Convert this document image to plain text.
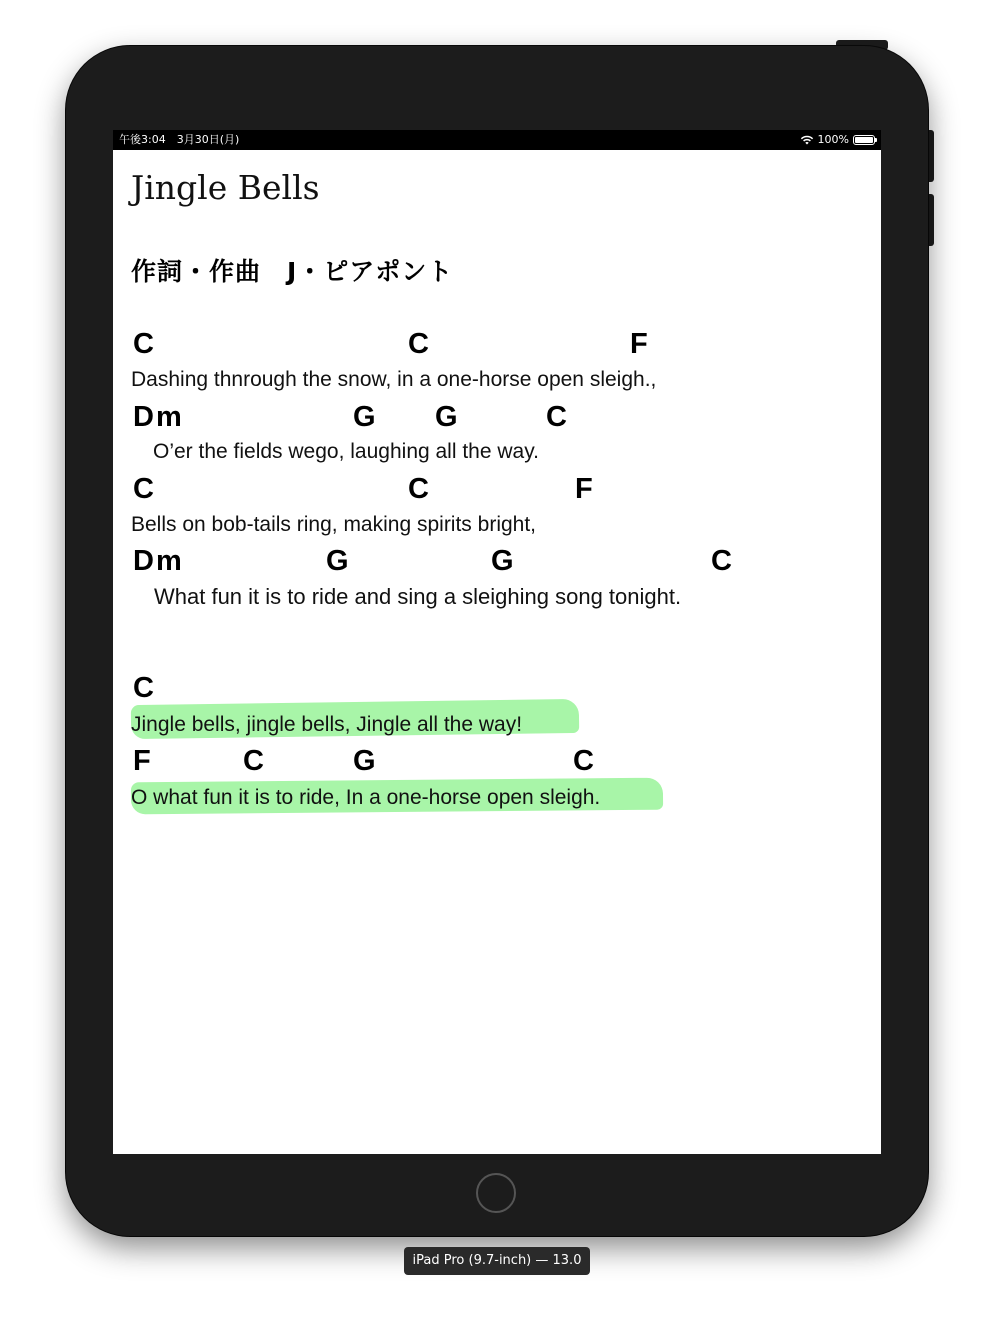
午後3:04　3月30日(月)	100%
Jingle Bells
作詞・作曲　J・ピアポント
C	C	F
Dashing thnrough the snow, in a one-horse open sleigh.,
Dm	G G	C
O’er the fields wego, laughing all the way.
C	C	F
Bells on bob-tails ring, making spirits bright,
Dm	G	G	C
What fun it is to ride and sing a sleighing song tonight.
C
Jingle bells, jingle bells, Jingle all the way!
F	C	G	C
O what fun it is to ride, In a one-horse open sleigh.
iPad Pro (9.7-inch) — 13.0
